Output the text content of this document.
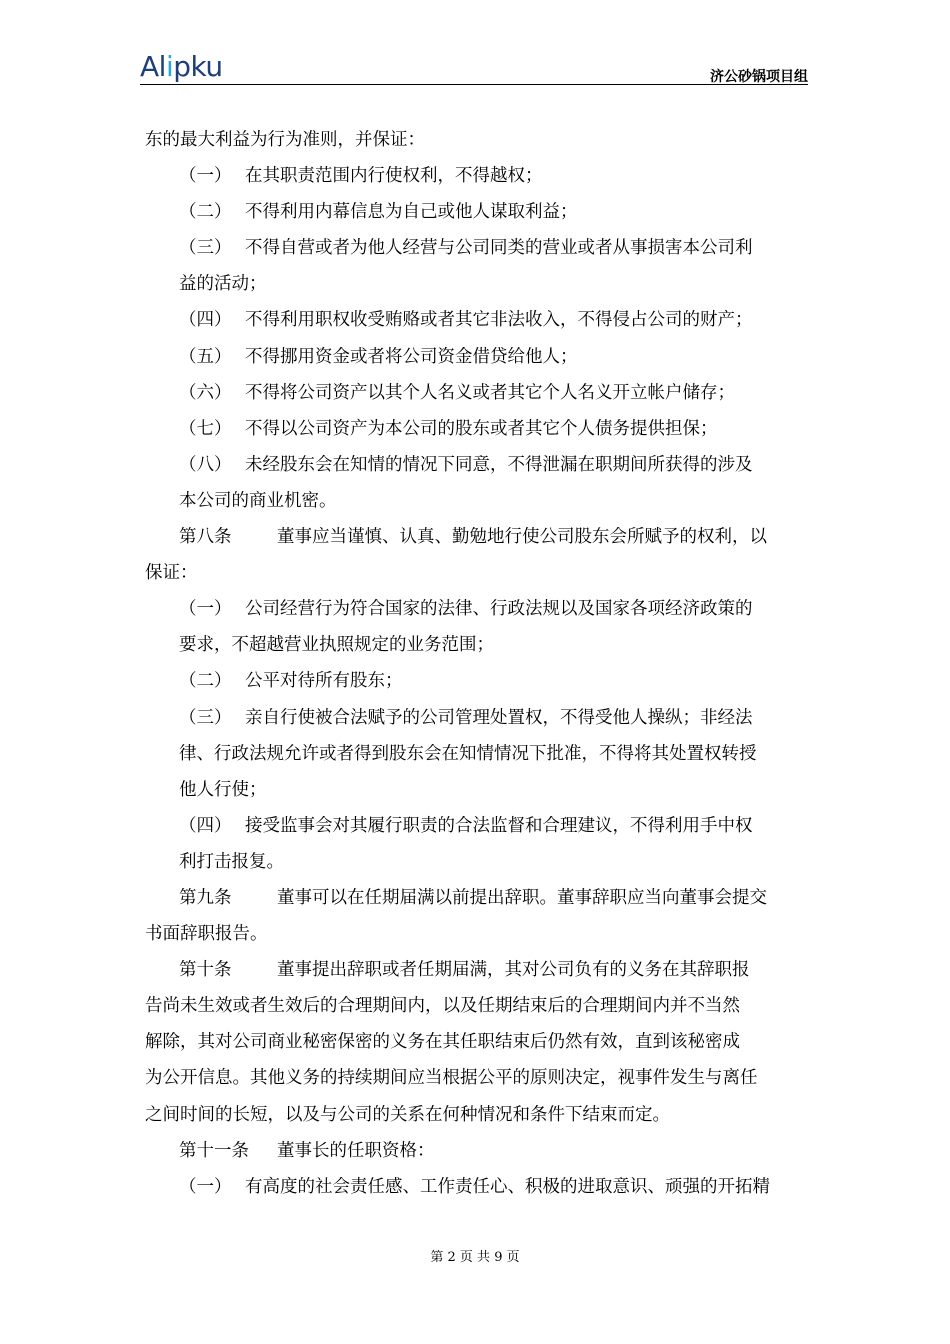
Alipku	济公砂锅项目组

东的最大利益为行为准则，并保证：

（一） 在其职责范围内行使权利，不得越权；

（二） 不得利用内幕信息为自己或他人谋取利益；

（三） 不得自营或者为他人经营与公司同类的营业或者从事损害本公司利

益的活动；

（四） 不得利用职权收受贿赂或者其它非法收入，不得侵占公司的财产；

（五） 不得挪用资金或者将公司资金借贷给他人；

（六） 不得将公司资产以其个人名义或者其它个人名义开立帐户储存；

（七） 不得以公司资产为本公司的股东或者其它个人债务提供担保；

（八） 未经股东会在知情的情况下同意，不得泄漏在职期间所获得的涉及

本公司的商业机密。

第八条	董事应当谨慎、认真、勤勉地行使公司股东会所赋予的权利，以

保证：

（一） 公司经营行为符合国家的法律、行政法规以及国家各项经济政策的

要求，不超越营业执照规定的业务范围；

（二） 公平对待所有股东；

（三） 亲自行使被合法赋予的公司管理处置权，不得受他人操纵；非经法

律、行政法规允许或者得到股东会在知情情况下批准，不得将其处置权转授

他人行使；

（四） 接受监事会对其履行职责的合法监督和合理建议，不得利用手中权

利打击报复。

第九条	董事可以在任期届满以前提出辞职。董事辞职应当向董事会提交

书面辞职报告。

第十条	董事提出辞职或者任期届满，其对公司负有的义务在其辞职报

告尚未生效或者生效后的合理期间内，以及任期结束后的合理期间内并不当然

解除，其对公司商业秘密保密的义务在其任职结束后仍然有效，直到该秘密成

为公开信息。其他义务的持续期间应当根据公平的原则决定，视事件发生与离任

之间时间的长短，以及与公司的关系在何种情况和条件下结束而定。

第十一条 董事长的任职资格：

（一） 有高度的社会责任感、工作责任心、积极的进取意识、顽强的开拓精

第 2 页 共 9 页
